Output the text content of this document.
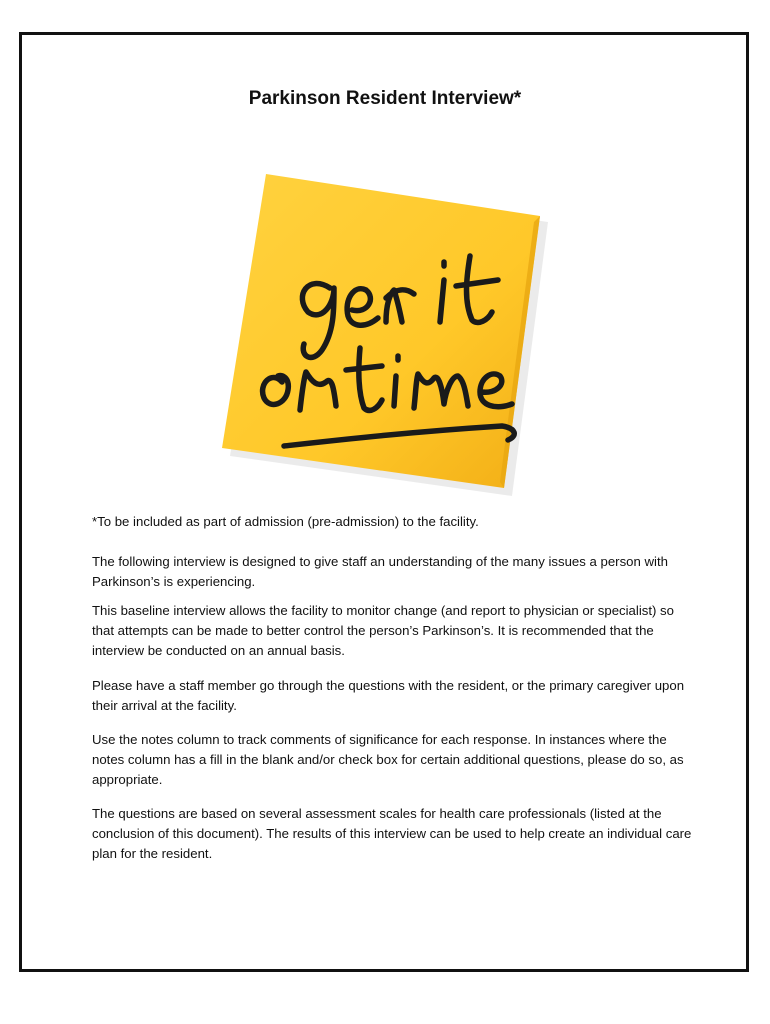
Parkinson Resident Interview*

*To be included as part of admission (pre-admission) to the facility.

The following interview is designed to give staff an understanding of the many issues a person with Parkinson’s is experiencing.

This baseline interview allows the facility to monitor change (and report to physician or specialist) so that attempts can be made to better control the person’s Parkinson’s. It is recommended that the interview be conducted on an annual basis.

Please have a staff member go through the questions with the resident, or the primary caregiver upon their arrival at the facility.

Use the notes column to track comments of significance for each response. In instances where the notes column has a fill in the blank and/or check box for certain additional questions, please do so, as appropriate.

The questions are based on several assessment scales for health care professionals (listed at the conclusion of this document). The results of this interview can be used to help create an individual care plan for the resident.
